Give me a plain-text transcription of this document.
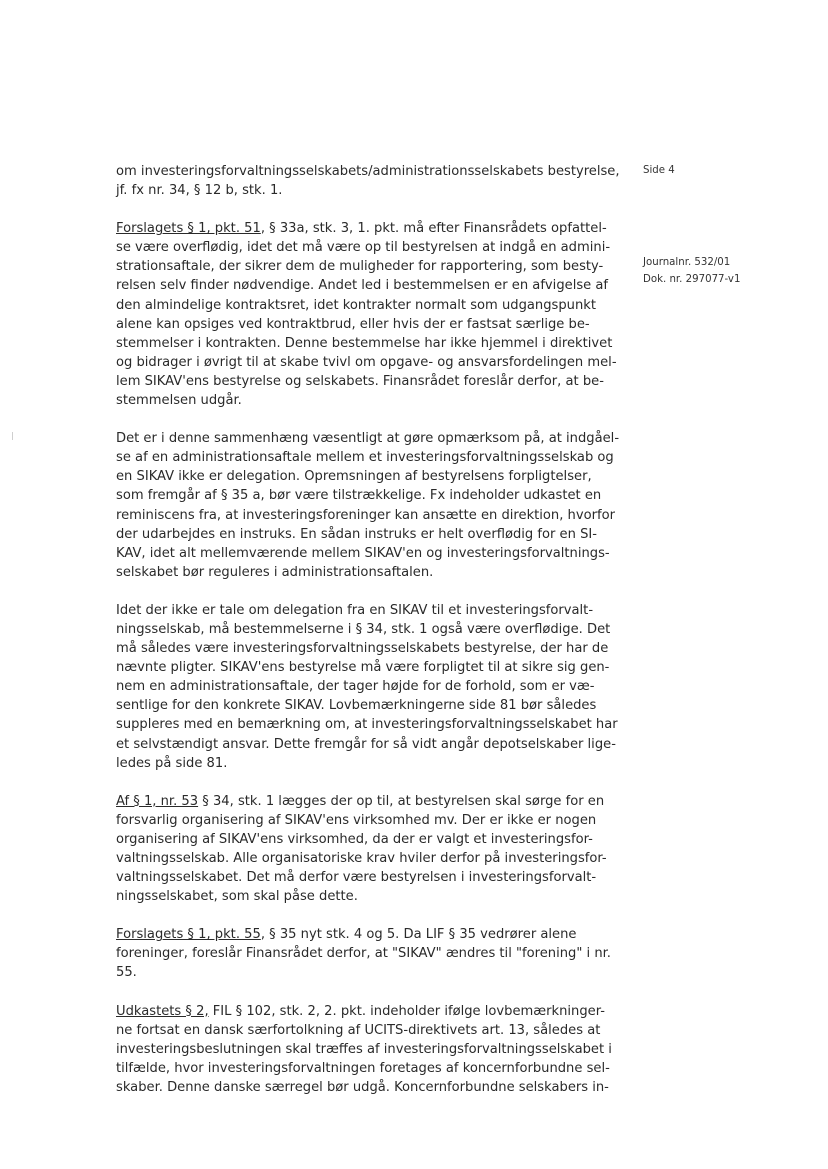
Side 4
Journalnr. 532/01
Dok. nr. 297077-v1
om investeringsforvaltningsselskabets/administrationsselskabets bestyrelse,
jf. fx nr. 34, § 12 b, stk. 1.
Forslagets § 1, pkt. 51, § 33a, stk. 3, 1. pkt. må efter Finansrådets opfattel-
se være overflødig, idet det må være op til bestyrelsen at indgå en admini-
strationsaftale, der sikrer dem de muligheder for rapportering, som besty-
relsen selv finder nødvendige. Andet led i bestemmelsen er en afvigelse af
den almindelige kontraktsret, idet kontrakter normalt som udgangspunkt
alene kan opsiges ved kontraktbrud, eller hvis der er fastsat særlige be-
stemmelser i kontrakten. Denne bestemmelse har ikke hjemmel i direktivet
og bidrager i øvrigt til at skabe tvivl om opgave- og ansvarsfordelingen mel-
lem SIKAV'ens bestyrelse og selskabets. Finansrådet foreslår derfor, at be-
stemmelsen udgår.
Det er i denne sammenhæng væsentligt at gøre opmærksom på, at indgåel-
se af en administrationsaftale mellem et investeringsforvaltningsselskab og
en SIKAV ikke er delegation. Opremsningen af bestyrelsens forpligtelser,
som fremgår af § 35 a, bør være tilstrækkelige. Fx indeholder udkastet en
reminiscens fra, at investeringsforeninger kan ansætte en direktion, hvorfor
der udarbejdes en instruks. En sådan instruks er helt overflødig for en SI-
KAV, idet alt mellemværende mellem SIKAV'en og investeringsforvaltnings-
selskabet bør reguleres i administrationsaftalen.
Idet der ikke er tale om delegation fra en SIKAV til et investeringsforvalt-
ningsselskab, må bestemmelserne i § 34, stk. 1 også være overflødige. Det
må således være investeringsforvaltningsselskabets bestyrelse, der har de
nævnte pligter. SIKAV'ens bestyrelse må være forpligtet til at sikre sig gen-
nem en administrationsaftale, der tager højde for de forhold, som er væ-
sentlige for den konkrete SIKAV. Lovbemærkningerne side 81 bør således
suppleres med en bemærkning om, at investeringsforvaltningsselskabet har
et selvstændigt ansvar. Dette fremgår for så vidt angår depotselskaber lige-
ledes på side 81.
Af § 1, nr. 53 § 34, stk. 1 lægges der op til, at bestyrelsen skal sørge for en
forsvarlig organisering af SIKAV'ens virksomhed mv. Der er ikke er nogen
organisering af SIKAV'ens virksomhed, da der er valgt et investeringsfor-
valtningsselskab. Alle organisatoriske krav hviler derfor på investeringsfor-
valtningsselskabet. Det må derfor være bestyrelsen i investeringsforvalt-
ningsselskabet, som skal påse dette.
Forslagets § 1, pkt. 55, § 35 nyt stk. 4 og 5. Da LIF § 35 vedrører alene
foreninger, foreslår Finansrådet derfor, at "SIKAV" ændres til "forening" i nr.
55.
Udkastets § 2, FIL § 102, stk. 2, 2. pkt. indeholder ifølge lovbemærkninger-
ne fortsat en dansk særfortolkning af UCITS-direktivets art. 13, således at
investeringsbeslutningen skal træffes af investeringsforvaltningsselskabet i
tilfælde, hvor investeringsforvaltningen foretages af koncernforbundne sel-
skaber. Denne danske særregel bør udgå. Koncernforbundne selskabers in-
